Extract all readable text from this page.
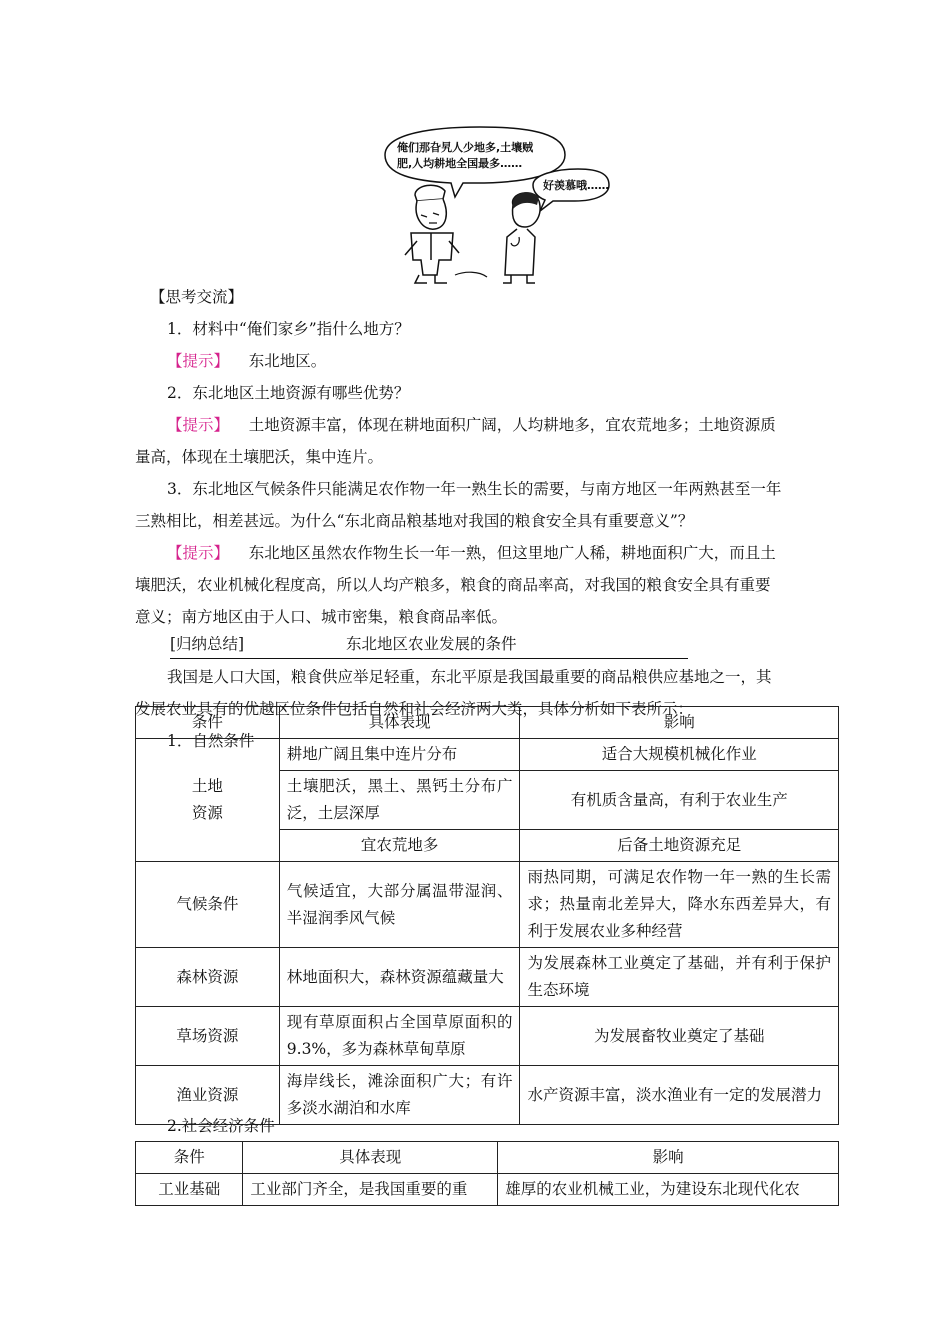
俺们那旮旯人少地多,土壤贼
肥,人均耕地全国最多……
好羡慕哦……
【思考交流】
1．材料中“俺们家乡”指什么地方？
【提示】 东北地区。
2．东北地区土地资源有哪些优势？
【提示】 土地资源丰富，体现在耕地面积广阔，人均耕地多，宜农荒地多；土地资源质
量高，体现在土壤肥沃，集中连片。
3．东北地区气候条件只能满足农作物一年一熟生长的需要，与南方地区一年两熟甚至一年
三熟相比，相差甚远。为什么“东北商品粮基地对我国的粮食安全具有重要意义”？
【提示】 东北地区虽然农作物生长一年一熟，但这里地广人稀，耕地面积广大，而且土
壤肥沃，农业机械化程度高，所以人均产粮多，粮食的商品率高，对我国的粮食安全具有重要
意义；南方地区由于人口、城市密集，粮食商品率低。
[归纳总结]	东北地区农业发展的条件
我国是人口大国，粮食供应举足轻重，东北平原是我国最重要的商品粮供应基地之一，其
发展农业具有的优越区位条件包括自然和社会经济两大类，具体分析如下表所示：
1．自然条件
条件	具体表现	影响

土地
资源	耕地广阔且集中连片分布	适合大规模机械化作业
	土壤肥沃，黑土、黑钙土分布广泛，土层深厚	有机质含量高，有利于农业生产
	宜农荒地多	后备土地资源充足
气候条件	气候适宜，大部分属温带湿润、半湿润季风气候	雨热同期，可满足农作物一年一熟的生长需求；热量南北差异大，降水东西差异大，有利于发展农业多种经营
森林资源	林地面积大，森林资源蕴藏量大	为发展森林工业奠定了基础，并有利于保护生态环境
草场资源	现有草原面积占全国草原面积的9.3%，多为森林草甸草原	为发展畜牧业奠定了基础
渔业资源	海岸线长，滩涂面积广大；有许多淡水湖泊和水库	水产资源丰富，淡水渔业有一定的发展潜力
2.社会经济条件
条件	具体表现	影响
工业基础	工业部门齐全，是我国重要的重	雄厚的农业机械工业，为建设东北现代化农
